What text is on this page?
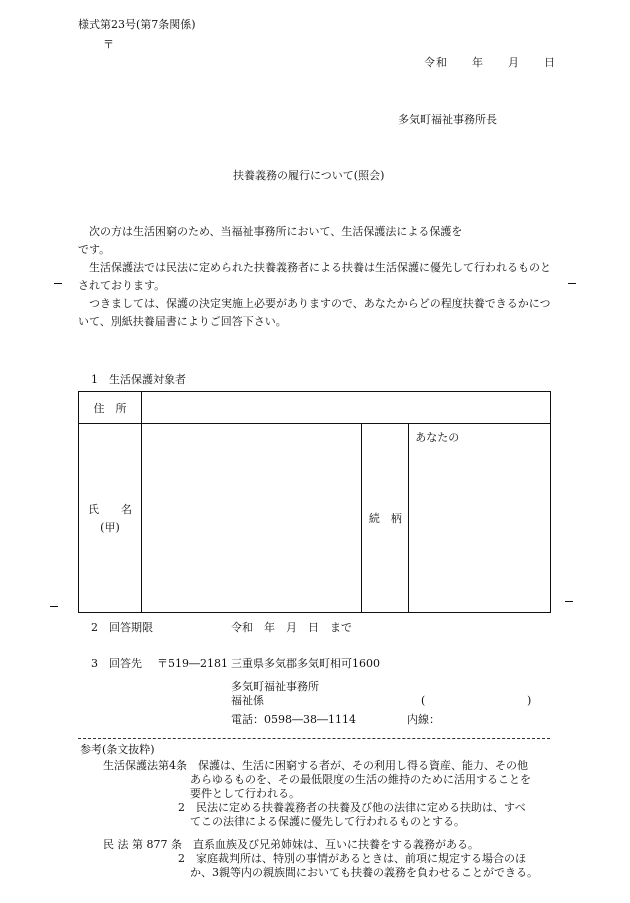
様式第23号(第7条関係)
〒
令和　　年　　月　　日
多気町福祉事務所長
扶養義務の履行について(照会)
次の方は生活困窮のため、当福祉事務所において、生活保護法による保護を
です。
生活保護法では民法に定められた扶養義務者による扶養は生活保護に優先して行われるものとされております。
つきましては、保護の決定実施上必要がありますので、あなたからどの程度扶養できるかについて、別紙扶養届書によりご回答下さい。
1　生活保護対象者
住　所			

氏　　名
(甲)		続　柄	あなたの
2　回答期限	令和　年　月　日　まで
3　回答先 〒519―2181 三重県多気郡多気町相可1600
多気町福祉事務所
福祉係	(	)
電話：0598―38―1114	内線：
参考(条文抜粋)
生活保護法第4条　保護は、生活に困窮する者が、その利用し得る資産、能力、その他
あらゆるものを、その最低限度の生活の維持のために活用することを
要件として行われる。
2　民法に定める扶養義務者の扶養及び他の法律に定める扶助は、すべ
てこの法律による保護に優先して行われるものとする。
民 法 第 877 条　直系血族及び兄弟姉妹は、互いに扶養をする義務がある。
2　家庭裁判所は、特別の事情があるときは、前項に規定する場合のほ
か、3親等内の親族間においても扶養の義務を負わせることができる。
